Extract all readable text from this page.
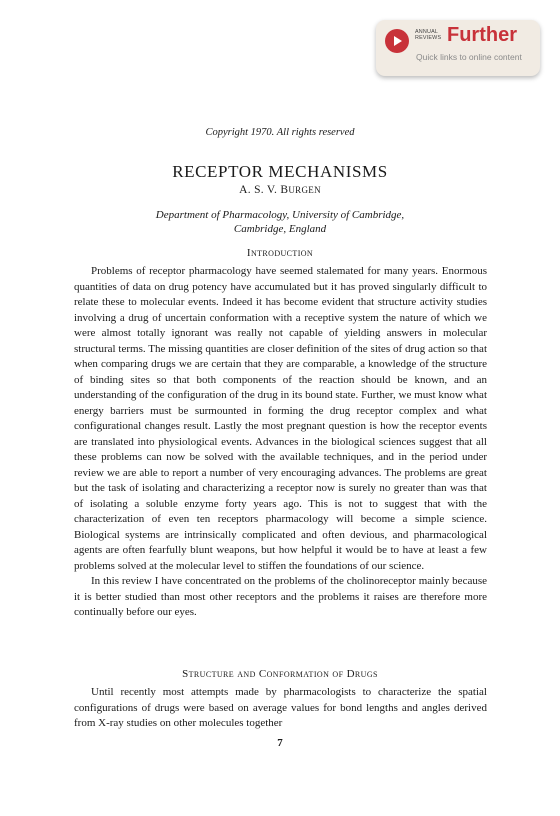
ANNUAL
REVIEWS Further
Quick links to online content
Copyright 1970. All rights reserved
RECEPTOR MECHANISMS
A. S. V. BURGEN
Department of Pharmacology, University of Cambridge,
Cambridge, England
Introduction

Problems of receptor pharmacology have seemed stalemated for many years. Enormous quantities of data on drug potency have accumulated but it has proved singularly difficult to relate these to molecular events. Indeed it has become evident that structure activity studies involving a drug of uncertain conformation with a receptive system the nature of which we were almost totally ignorant was really not capable of yielding answers in molecular structural terms. The missing quantities are closer definition of the sites of drug action so that when comparing drugs we are certain that they are comparable, a knowledge of the structure of binding sites so that both components of the reaction should be known, and an understanding of the configuration of the drug in its bound state. Further, we must know what energy barriers must be surmounted in forming the drug receptor complex and what configurational changes result. Lastly the most pregnant question is how the receptor events are translated into physiological events. Advances in the biological sciences suggest that all these problems can now be solved with the available techniques, and in the period under review we are able to report a number of very encouraging advances. The problems are great but the task of isolating and characterizing a receptor now is surely no greater than was that of isolating a soluble enzyme forty years ago. This is not to suggest that with the characterization of even ten receptors pharmacology will become a simple science. Biological systems are intrinsically complicated and often devious, and pharmacological agents are often fearfully blunt weapons, but how helpful it would be to have at least a few problems solved at the molecular level to stiffen the foundations of our science.

In this review I have concentrated on the problems of the cholinoreceptor mainly because it is better studied than most other receptors and the problems it raises are therefore more continually before our eyes.

Structure and Conformation of Drugs

Until recently most attempts made by pharmacologists to characterize the spatial configurations of drugs were based on average values for bond lengths and angles derived from X-ray studies on other molecules together

7
